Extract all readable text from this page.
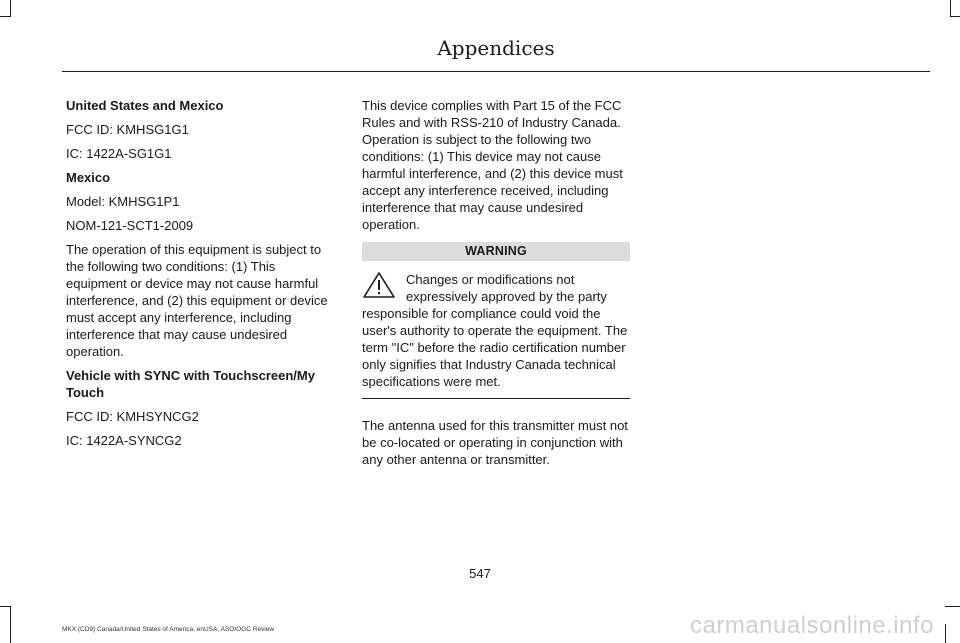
Appendices

United States and Mexico

FCC ID: KMHSG1G1

IC: 1422A-SG1G1

Mexico

Model: KMHSG1P1

NOM-121-SCT1-2009

The operation of this equipment is subject to the following two conditions: (1) This equipment or device may not cause harmful interference, and (2) this equipment or device must accept any interference, including interference that may cause undesired operation.

Vehicle with SYNC with Touchscreen/My Touch

FCC ID: KMHSYNCG2

IC: 1422A-SYNCG2

This device complies with Part 15 of the FCC Rules and with RSS-210 of Industry Canada. Operation is subject to the following two conditions: (1) This device may not cause harmful interference, and (2) this device must accept any interference received, including interference that may cause undesired operation.

WARNING
Changes or modifications not expressively approved by the party responsible for compliance could void the user's authority to operate the equipment. The term "IC" before the radio certification number only signifies that Industry Canada technical specifications were met.

The antenna used for this transmitter must not be co-located or operating in conjunction with any other antenna or transmitter.

547
MKX (CD9) Canada/United States of America, enUSA, ASO/OGC Review	carmanualsonline.info
